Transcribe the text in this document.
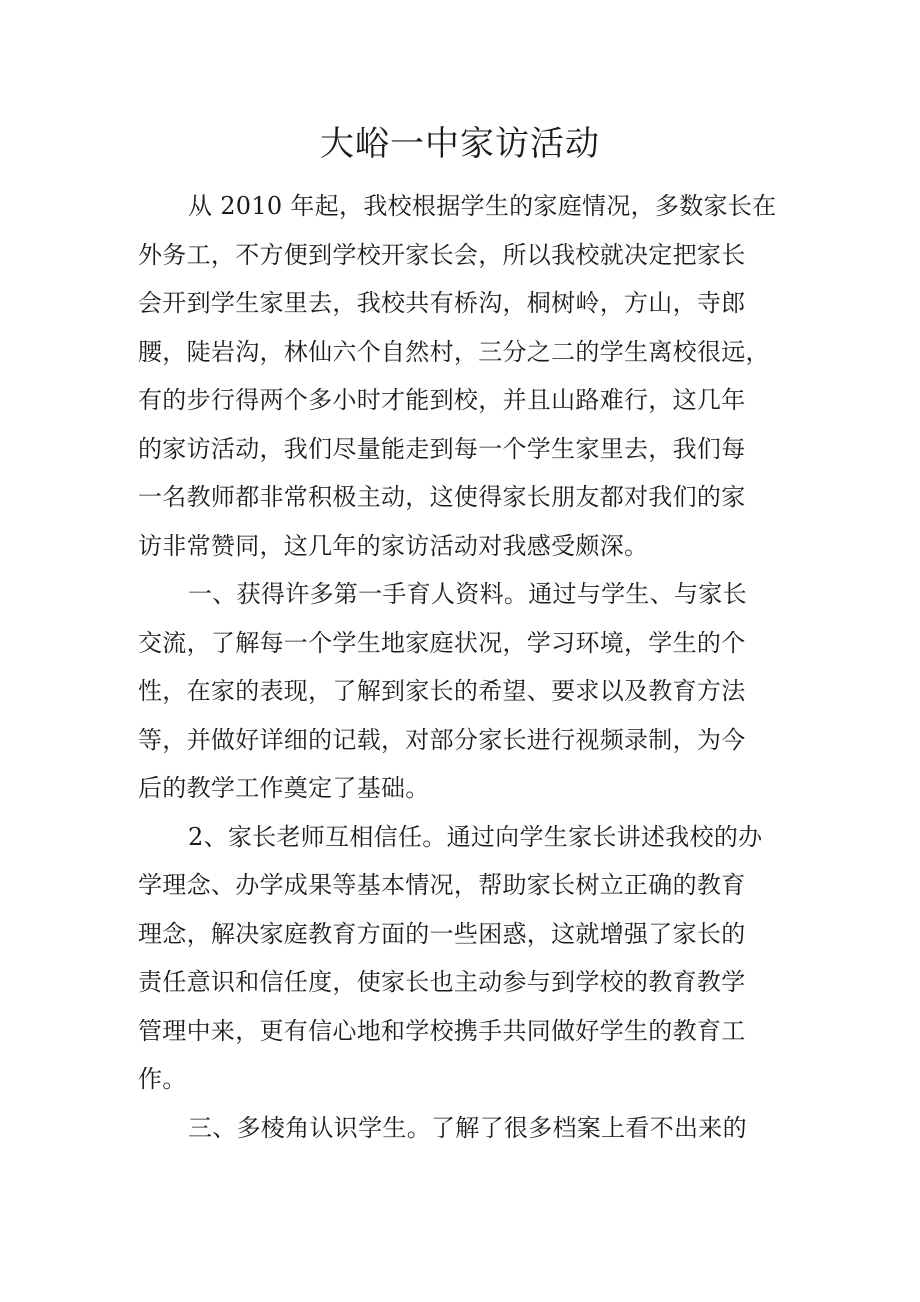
大峪一中家访活动

从 2010 年起，我校根据学生的家庭情况，多数家长在
外务工，不方便到学校开家长会，所以我校就决定把家长
会开到学生家里去，我校共有桥沟，桐树岭，方山，寺郎
腰，陡岩沟，林仙六个自然村，三分之二的学生离校很远，
有的步行得两个多小时才能到校，并且山路难行，这几年
的家访活动，我们尽量能走到每一个学生家里去，我们每
一名教师都非常积极主动，这使得家长朋友都对我们的家
访非常赞同，这几年的家访活动对我感受颇深。

一、获得许多第一手育人资料。通过与学生、与家长
交流，了解每一个学生地家庭状况，学习环境，学生的个
性，在家的表现，了解到家长的希望、要求以及教育方法
等，并做好详细的记载，对部分家长进行视频录制，为今
后的教学工作奠定了基础。

2、家长老师互相信任。通过向学生家长讲述我校的办
学理念、办学成果等基本情况，帮助家长树立正确的教育
理念，解决家庭教育方面的一些困惑，这就增强了家长的
责任意识和信任度，使家长也主动参与到学校的教育教学
管理中来，更有信心地和学校携手共同做好学生的教育工
作。

三、多棱角认识学生。了解了很多档案上看不出来的
